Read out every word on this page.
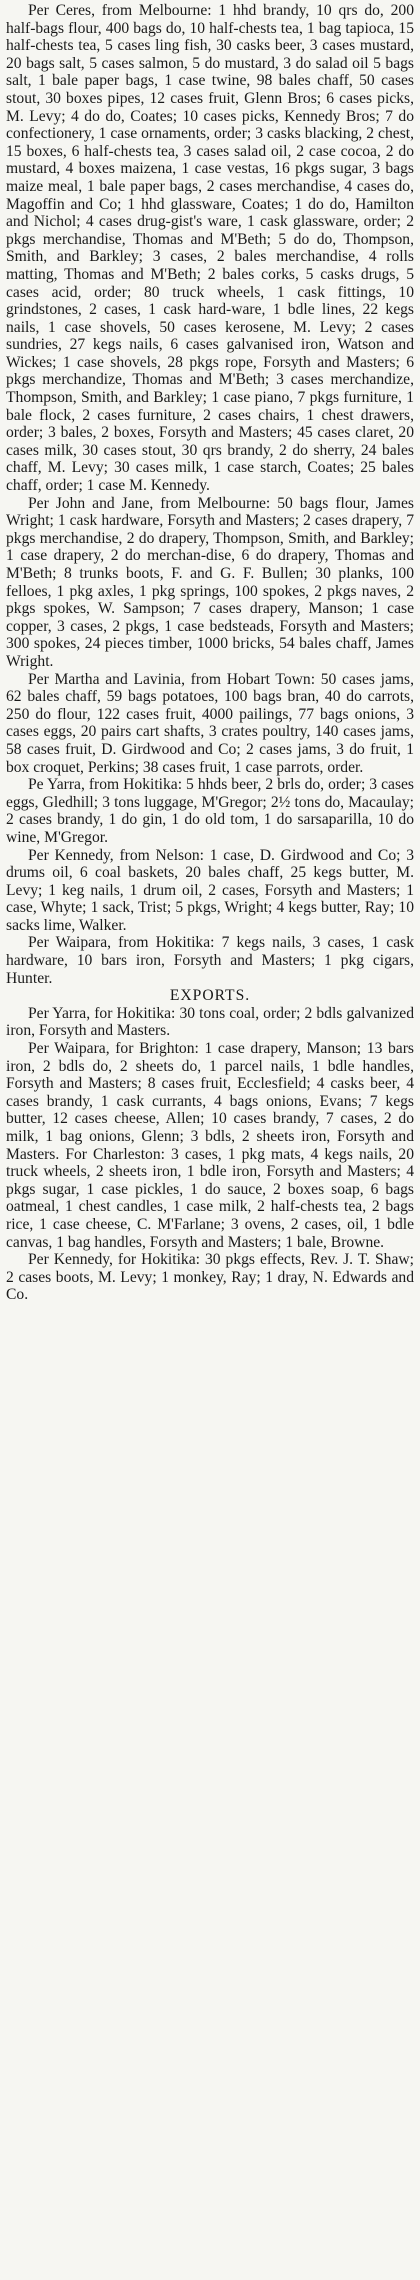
Per Ceres, from Melbourne: 1 hhd brandy, 10 qrs do, 200 half-bags flour, 400 bags do, 10 half-chests tea, 1 bag tapioca, 15 half-chests tea, 5 cases ling fish, 30 casks beer, 3 cases mustard, 20 bags salt, 5 cases salmon, 5 do mustard, 3 do salad oil 5 bags salt, 1 bale paper bags, 1 case twine, 98 bales chaff, 50 cases stout, 30 boxes pipes, 12 cases fruit, Glenn Bros; 6 cases picks, M. Levy; 4 do do, Coates; 10 cases picks, Kennedy Bros; 7 do confectionery, 1 case ornaments, order; 3 casks blacking, 2 chest, 15 boxes, 6 half-chests tea, 3 cases salad oil, 2 case cocoa, 2 do mustard, 4 boxes maizena, 1 case vestas, 16 pkgs sugar, 3 bags maize meal, 1 bale paper bags, 2 cases merchandise, 4 cases do, Magoffin and Co; 1 hhd glassware, Coates; 1 do do, Hamilton and Nichol; 4 cases drug-gist's ware, 1 cask glassware, order; 2 pkgs merchandise, Thomas and M'Beth; 5 do do, Thompson, Smith, and Barkley; 3 cases, 2 bales merchandise, 4 rolls matting, Thomas and M'Beth; 2 bales corks, 5 casks drugs, 5 cases acid, order; 80 truck wheels, 1 cask fittings, 10 grindstones, 2 cases, 1 cask hard-ware, 1 bdle lines, 22 kegs nails, 1 case shovels, 50 cases kerosene, M. Levy; 2 cases sundries, 27 kegs nails, 6 cases galvanised iron, Watson and Wickes; 1 case shovels, 28 pkgs rope, Forsyth and Masters; 6 pkgs merchandize, Thomas and M'Beth; 3 cases merchandize, Thompson, Smith, and Barkley; 1 case piano, 7 pkgs furniture, 1 bale flock, 2 cases furniture, 2 cases chairs, 1 chest drawers, order; 3 bales, 2 boxes, Forsyth and Masters; 45 cases claret, 20 cases milk, 30 cases stout, 30 qrs brandy, 2 do sherry, 24 bales chaff, M. Levy; 30 cases milk, 1 case starch, Coates; 25 bales chaff, order; 1 case M. Kennedy.

Per John and Jane, from Melbourne: 50 bags flour, James Wright; 1 cask hardware, Forsyth and Masters; 2 cases drapery, 7 pkgs merchandise, 2 do drapery, Thompson, Smith, and Barkley; 1 case drapery, 2 do merchan-dise, 6 do drapery, Thomas and M'Beth; 8 trunks boots, F. and G. F. Bullen; 30 planks, 100 felloes, 1 pkg axles, 1 pkg springs, 100 spokes, 2 pkgs naves, 2 pkgs spokes, W. Sampson; 7 cases drapery, Manson; 1 case copper, 3 cases, 2 pkgs, 1 case bedsteads, Forsyth and Masters; 300 spokes, 24 pieces timber, 1000 bricks, 54 bales chaff, James Wright.

Per Martha and Lavinia, from Hobart Town: 50 cases jams, 62 bales chaff, 59 bags potatoes, 100 bags bran, 40 do carrots, 250 do flour, 122 cases fruit, 4000 pailings, 77 bags onions, 3 cases eggs, 20 pairs cart shafts, 3 crates poultry, 140 cases jams, 58 cases fruit, D. Girdwood and Co; 2 cases jams, 3 do fruit, 1 box croquet, Perkins; 38 cases fruit, 1 case parrots, order.

Pe Yarra, from Hokitika: 5 hhds beer, 2 brls do, order; 3 cases eggs, Gledhill; 3 tons luggage, M'Gregor; 2½ tons do, Macaulay; 2 cases brandy, 1 do gin, 1 do old tom, 1 do sarsaparilla, 10 do wine, M'Gregor.

Per Kennedy, from Nelson: 1 case, D. Girdwood and Co; 3 drums oil, 6 coal baskets, 20 bales chaff, 25 kegs butter, M. Levy; 1 keg nails, 1 drum oil, 2 cases, Forsyth and Masters; 1 case, Whyte; 1 sack, Trist; 5 pkgs, Wright; 4 kegs butter, Ray; 10 sacks lime, Walker.

Per Waipara, from Hokitika: 7 kegs nails, 3 cases, 1 cask hardware, 10 bars iron, Forsyth and Masters; 1 pkg cigars, Hunter.

EXPORTS.

Per Yarra, for Hokitika: 30 tons coal, order; 2 bdls galvanized iron, Forsyth and Masters.

Per Waipara, for Brighton: 1 case drapery, Manson; 13 bars iron, 2 bdls do, 2 sheets do, 1 parcel nails, 1 bdle handles, Forsyth and Masters; 8 cases fruit, Ecclesfield; 4 casks beer, 4 cases brandy, 1 cask currants, 4 bags onions, Evans; 7 kegs butter, 12 cases cheese, Allen; 10 cases brandy, 7 cases, 2 do milk, 1 bag onions, Glenn; 3 bdls, 2 sheets iron, Forsyth and Masters. For Charleston: 3 cases, 1 pkg mats, 4 kegs nails, 20 truck wheels, 2 sheets iron, 1 bdle iron, Forsyth and Masters; 4 pkgs sugar, 1 case pickles, 1 do sauce, 2 boxes soap, 6 bags oatmeal, 1 chest candles, 1 case milk, 2 half-chests tea, 2 bags rice, 1 case cheese, C. M'Farlane; 3 ovens, 2 cases, oil, 1 bdle canvas, 1 bag handles, Forsyth and Masters; 1 bale, Browne.

Per Kennedy, for Hokitika: 30 pkgs effects, Rev. J. T. Shaw; 2 cases boots, M. Levy; 1 monkey, Ray; 1 dray, N. Edwards and Co.
